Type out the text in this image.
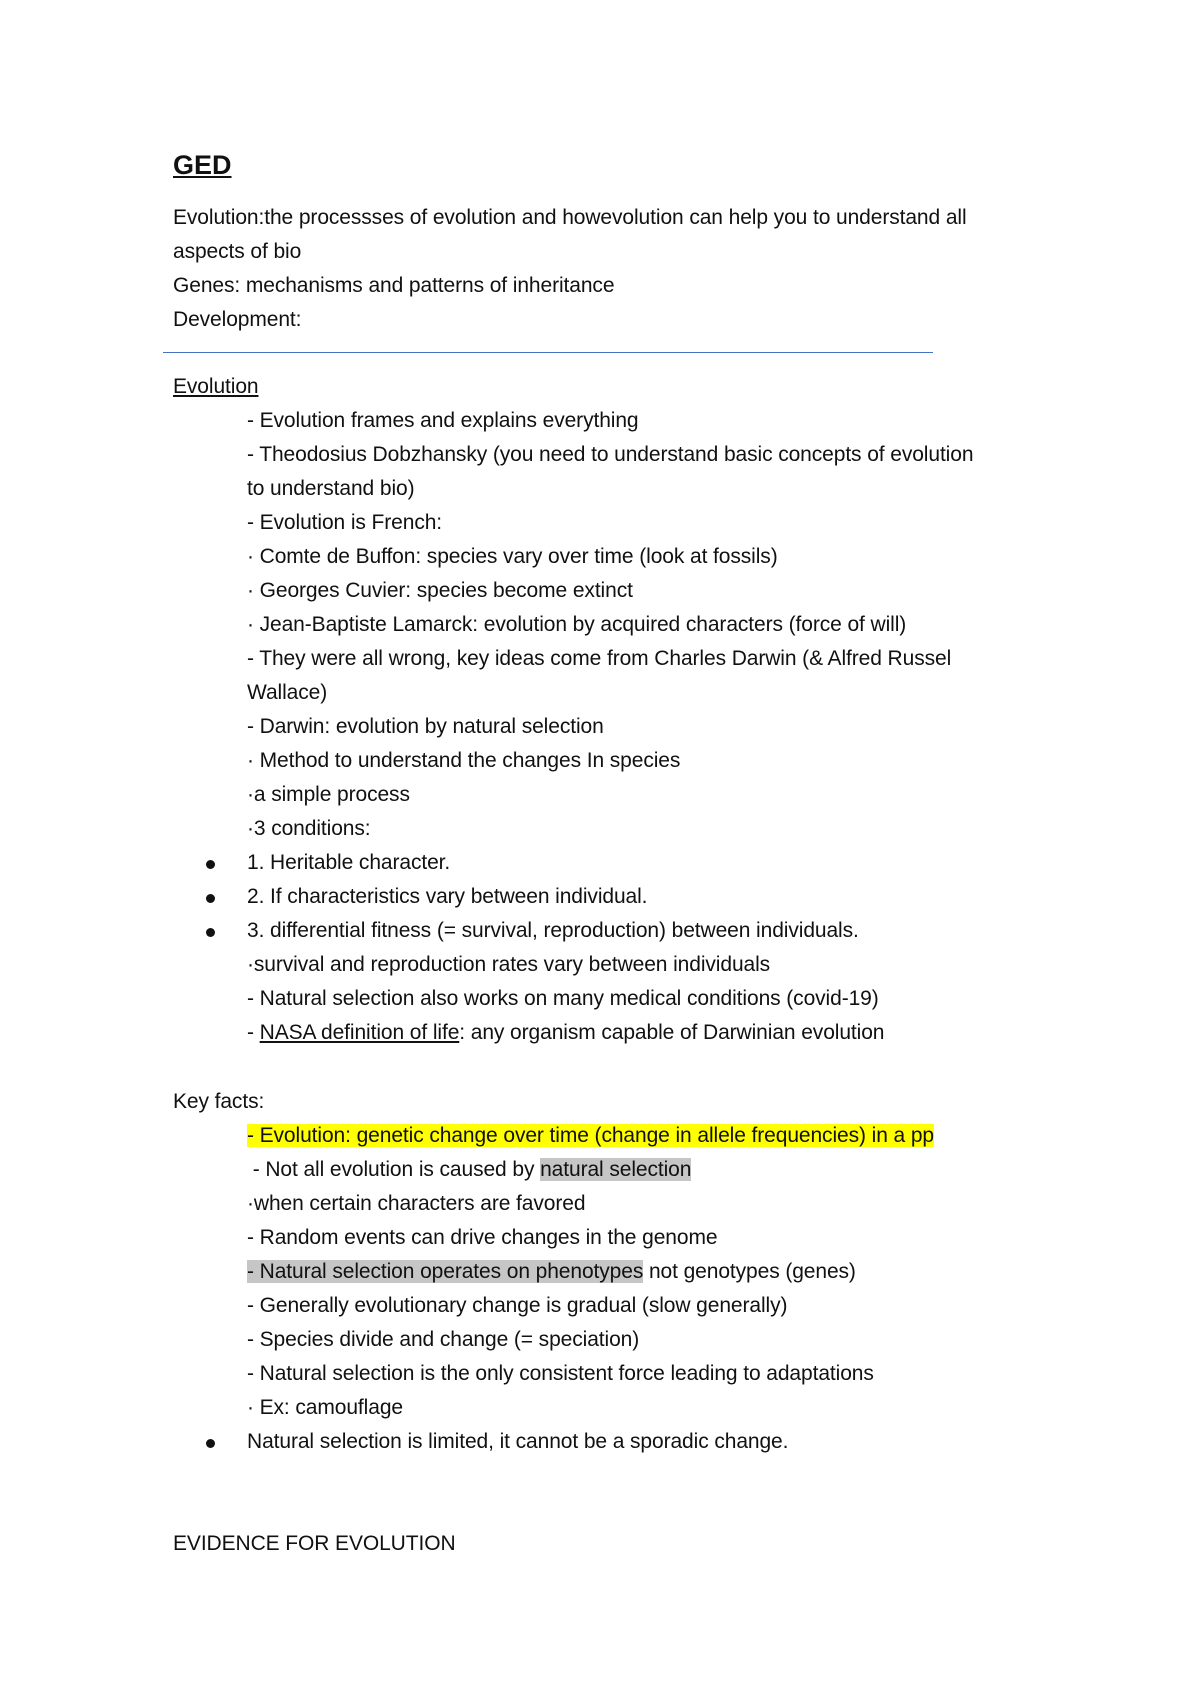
GED
Evolution:the processses of evolution and howevolution can help you to understand all
aspects of bio
Genes: mechanisms and patterns of inheritance
Development:
Evolution
- Evolution frames and explains everything
- Theodosius Dobzhansky (you need to understand basic concepts of evolution
to understand bio)
- Evolution is French:
· Comte de Buffon: species vary over time (look at fossils)
· Georges Cuvier: species become extinct
· Jean-Baptiste Lamarck: evolution by acquired characters (force of will)
- They were all wrong, key ideas come from Charles Darwin (& Alfred Russel
Wallace)
- Darwin: evolution by natural selection
· Method to understand the changes In species
·a simple process
·3 conditions:
1. Heritable character.
2. If characteristics vary between individual.
3. differential fitness (= survival, reproduction) between individuals.
·survival and reproduction rates vary between individuals
- Natural selection also works on many medical conditions (covid-19)
- NASA definition of life: any organism capable of Darwinian evolution
Key facts:
- Evolution: genetic change over time (change in allele frequencies) in a pp
- Not all evolution is caused by natural selection
·when certain characters are favored
- Random events can drive changes in the genome
- Natural selection operates on phenotypes not genotypes (genes)
- Generally evolutionary change is gradual (slow generally)
- Species divide and change (= speciation)
- Natural selection is the only consistent force leading to adaptations
· Ex: camouflage
Natural selection is limited, it cannot be a sporadic change.
EVIDENCE FOR EVOLUTION
